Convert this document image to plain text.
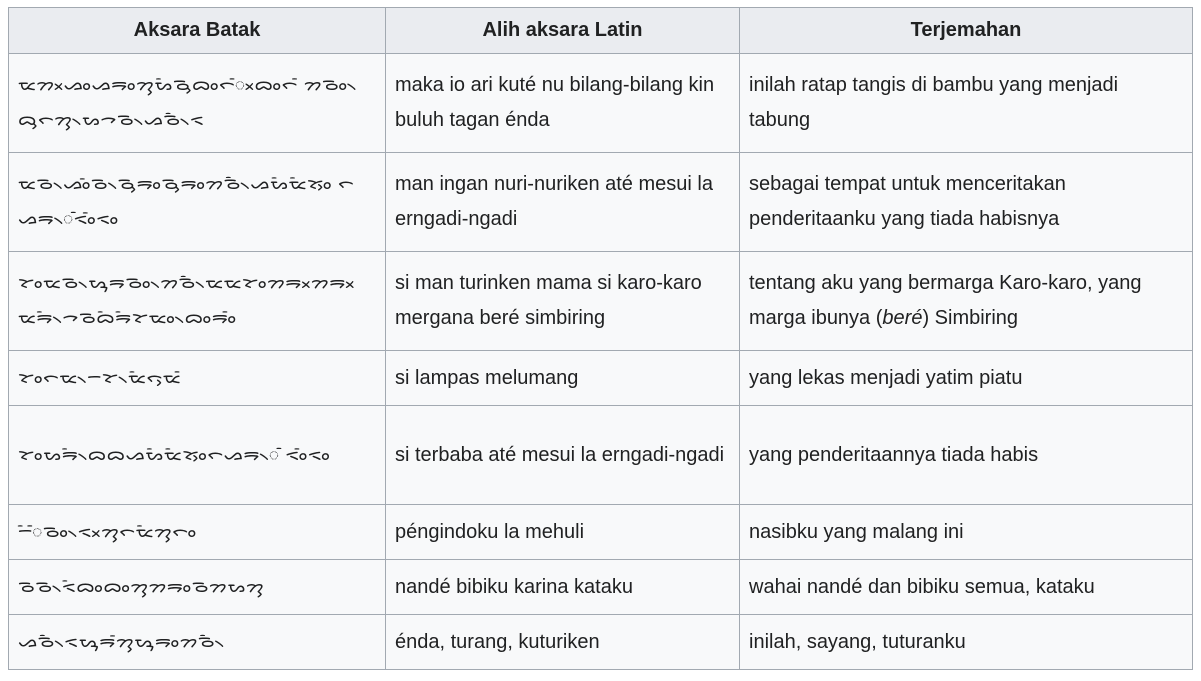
Aksara Batak	Alih aksara Latin	Terjemahan
ᯔᯂᯬᯀᯪᯀᯒᯪᯂᯮᯗᯩᯉᯮᯅᯪᯞᯰᯬᯅᯪᯞᯰ ᯂᯪᯉ᯲ᯅᯮᯞᯮᯂ᯲ᯗᯎᯉ᯲ᯀᯩᯉ᯲ᯑ	maka io ari kuté nu bilang-bilang kin buluh tagan énda	inilah ratap tangis di bambu yang menjadi tabung
ᯔᯉ᯲ᯀᯪᯰᯉ᯲ᯉᯮᯒᯪᯉᯮᯒᯪᯂᯩᯉ᯲ᯀᯗᯩᯔᯩᯘᯮᯪ ᯞᯀᯒ᯲ᯰᯑᯪᯰᯑᯪ	man ingan nuri-nuriken até mesui la erngadi-ngadi	sebagai tempat untuk menceritakan penderitaanku yang tiada habisnya
ᯘᯪᯔᯉ᯲ᯗᯮᯒᯪᯉ᯲ᯂᯩᯉ᯲ᯔᯔᯘᯪᯂᯒᯬᯂᯒᯬ ᯔᯩᯒ᯲ᯎᯉᯅᯩᯒᯩᯘᯪᯔ᯲ᯅᯪᯒᯪᯰ	si man turinken mama si karo-karo mergana beré simbiring	tentang aku yang bermarga Karo-karo, yang marga ibunya (beré) Simbiring
ᯘᯪᯞᯔ᯲ᯇᯘ᯲ᯔᯩᯞᯮᯔᯰ	si lampas melumang	yang lekas menjadi yatim piatu
ᯘᯪᯗᯩᯒ᯲ᯅᯅᯀᯗᯩᯔᯩᯘᯮᯪᯞᯀᯒ᯲ᯰ ᯑᯪᯰᯑᯪ	si terbaba até mesui la erngadi-ngadi	yang penderitaannya tiada habis
ᯇᯩᯰᯪᯉ᯲ᯑᯬᯂᯮᯞᯔᯩᯂᯮᯞᯪ	péngindoku la mehuli	nasibku yang malang ini
ᯉᯉ᯲ᯑᯩᯅᯪᯅᯪᯂᯮᯂᯒᯪᯉᯂᯗᯂᯮ	nandé bibiku karina kataku	wahai nandé dan bibiku semua, kataku
ᯀᯩᯉ᯲ᯑᯗᯮᯒᯰᯂᯮᯗᯮᯒᯪᯂᯩᯉ᯲	énda, turang, kuturiken	inilah, sayang, tuturanku
